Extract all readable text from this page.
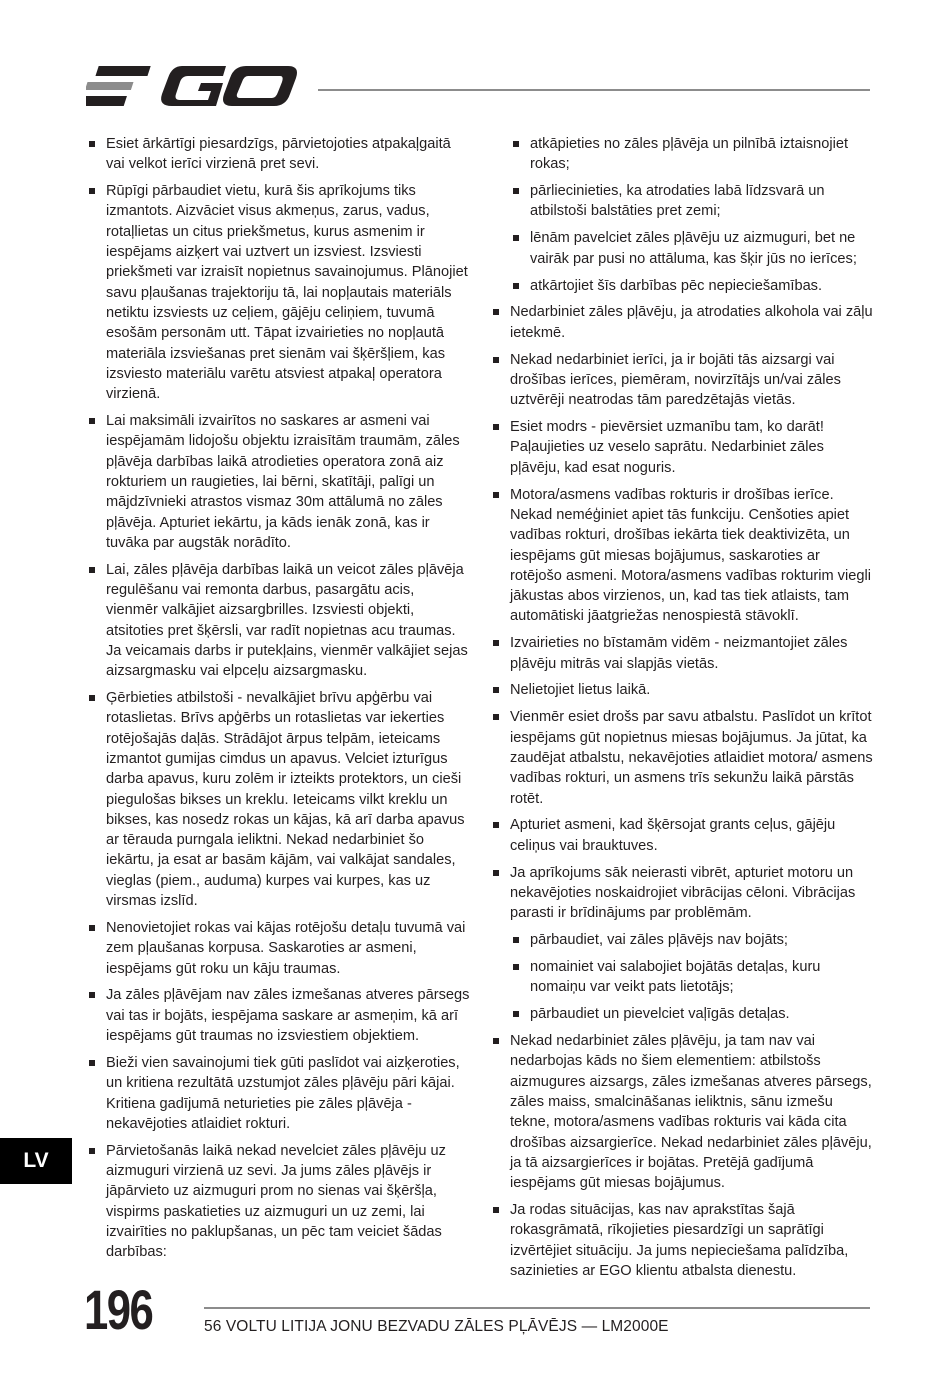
Esiet ārkārtīgi piesardzīgs, pārvietojoties atpakaļgaitā vai velkot ierīci virzienā pret sevi.
Rūpīgi pārbaudiet vietu, kurā šis aprīkojums tiks izmantots. Aizvāciet visus akmeņus, zarus, vadus, rotaļlietas un citus priekšmetus, kurus asmenim ir iespējams aizķert vai uztvert un izsviest. Izsviesti priekšmeti var izraisīt nopietnus savainojumus. Plānojiet savu pļaušanas trajektoriju tā, lai nopļautais materiāls netiktu izsviests uz ceļiem, gājēju celiņiem, tuvumā esošām personām utt. Tāpat izvairieties no nopļautā materiāla izsviešanas pret sienām vai šķēršļiem, kas izsviesto materiālu varētu atsviest atpakaļ operatora virzienā.
Lai maksimāli izvairītos no saskares ar asmeni vai iespējamām lidojošu objektu izraisītām traumām, zāles pļāvēja darbības laikā atrodieties operatora zonā aiz rokturiem un raugieties, lai bērni, skatītāji, palīgi un mājdzīvnieki atrastos vismaz 30m attālumā no zāles pļāvēja. Apturiet iekārtu, ja kāds ienāk zonā, kas ir tuvāka par augstāk norādīto.
Lai, zāles pļāvēja darbības laikā un veicot zāles pļāvēja regulēšanu vai remonta darbus, pasargātu acis, vienmēr valkājiet aizsargbrilles. Izsviesti objekti, atsitoties pret šķērsli, var radīt nopietnas acu traumas. Ja veicamais darbs ir putekļains, vienmēr valkājiet sejas aizsargmasku vai elpceļu aizsargmasku.
Ģērbieties atbilstoši - nevalkājiet brīvu apģērbu vai rotaslietas. Brīvs apģērbs un rotaslietas var iekerties rotējošajās daļās. Strādājot ārpus telpām, ieteicams izmantot gumijas cimdus un apavus. Velciet izturīgus darba apavus, kuru zolēm ir izteikts protektors, un cieši piegulošas bikses un kreklu. Ieteicams vilkt kreklu un bikses, kas nosedz rokas un kājas, kā arī darba apavus ar tērauda purngala ieliktni. Nekad nedarbiniet šo iekārtu, ja esat ar basām kājām, vai valkājat sandales, vieglas (piem., auduma) kurpes vai kurpes, kas uz virsmas izslīd.
Nenovietojiet rokas vai kājas rotējošu detaļu tuvumā vai zem pļaušanas korpusa. Saskaroties ar asmeni, iespējams gūt roku un kāju traumas.
Ja zāles pļāvējam nav zāles izmešanas atveres pārsegs vai tas ir bojāts, iespējama saskare ar asmeņim, kā arī iespējams gūt traumas no izsviestiem objektiem.
Bieži vien savainojumi tiek gūti paslīdot vai aizķeroties, un kritiena rezultātā uzstumjot zāles pļāvēju pāri kājai. Kritiena gadījumā neturieties pie zāles pļāvēja - nekavējoties atlaidiet rokturi.
Pārvietošanās laikā nekad nevelciet zāles pļāvēju uz aizmuguri virzienā uz sevi. Ja jums zāles pļāvējs ir jāpārvieto uz aizmuguri prom no sienas vai šķēršļa, vispirms paskatieties uz aizmuguri un uz zemi, lai izvairīties no paklupšanas, un pēc tam veiciet šādas darbības:
atkāpieties no zāles pļāvēja un pilnībā iztaisnojiet rokas;
pārliecinieties, ka atrodaties labā līdzsvarā un atbilstoši balstāties pret zemi;
lēnām pavelciet zāles pļāvēju uz aizmuguri, bet ne vairāk par pusi no attāluma, kas šķir jūs no ierīces;
atkārtojiet šīs darbības pēc nepieciešamības.
Nedarbiniet zāles pļāvēju, ja atrodaties alkohola vai zāļu ietekmē.
Nekad nedarbiniet ierīci, ja ir bojāti tās aizsargi vai drošības ierīces, piemēram, novirzītājs un/vai zāles uztvērēji neatrodas tām paredzētajās vietās.
Esiet modrs - pievērsiet uzmanību tam, ko darāt! Paļaujieties uz veselo saprātu. Nedarbiniet zāles pļāvēju, kad esat noguris.
Motora/asmens vadības rokturis ir drošības ierīce. Nekad neméģiniet apiet tās funkciju. Cenšoties apiet vadības rokturi, drošības iekārta tiek deaktivizēta, un iespējams gūt miesas bojājumus, saskaroties ar rotējošo asmeni. Motora/asmens vadības rokturim viegli jākustas abos virzienos, un, kad tas tiek atlaists, tam automātiski jāatgriežas nenospiestā stāvoklī.
Izvairieties no bīstamām vidēm - neizmantojiet zāles pļāvēju mitrās vai slapjās vietās.
Nelietojiet lietus laikā.
Vienmēr esiet drošs par savu atbalstu. Paslīdot un krītot iespējams gūt nopietnus miesas bojājumus. Ja jūtat, ka zaudējat atbalstu, nekavējoties atlaidiet motora/ asmens vadības rokturi, un asmens trīs sekunžu laikā pārstās rotēt.
Apturiet asmeni, kad šķērsojat grants ceļus, gājēju celiņus vai brauktuves.
Ja aprīkojums sāk neierasti vibrēt, apturiet motoru un nekavējoties noskaidrojiet vibrācijas cēloni. Vibrācijas parasti ir brīdinājums par problēmām.
pārbaudiet, vai zāles pļāvējs nav bojāts;
nomainiet vai salabojiet bojātās detaļas, kuru nomaiņu var veikt pats lietotājs;
pārbaudiet un pievelciet vaļīgās detaļas.
Nekad nedarbiniet zāles pļāvēju, ja tam nav vai nedarbojas kāds no šiem elementiem: atbilstošs aizmugures aizsargs, zāles izmešanas atveres pārsegs, zāles maiss, smalcināšanas ieliktnis, sānu izmešu tekne, motora/asmens vadības rokturis vai kāda cita drošības aizsargierīce. Nekad nedarbiniet zāles pļāvēju, ja tā aizsargierīces ir bojātas. Pretējā gadījumā iespējams gūt miesas bojājumus.
Ja rodas situācijas, kas nav aprakstītas šajā rokasgrāmatā, rīkojieties piesardzīgi un saprātīgi izvērtējiet situāciju. Ja jums nepieciešama palīdzība, sazinieties ar EGO klientu atbalsta dienestu.
LV
196	56 VOLTU LITIJA JONU BEZVADU ZĀLES PĻĀVĒJS — LM2000E
